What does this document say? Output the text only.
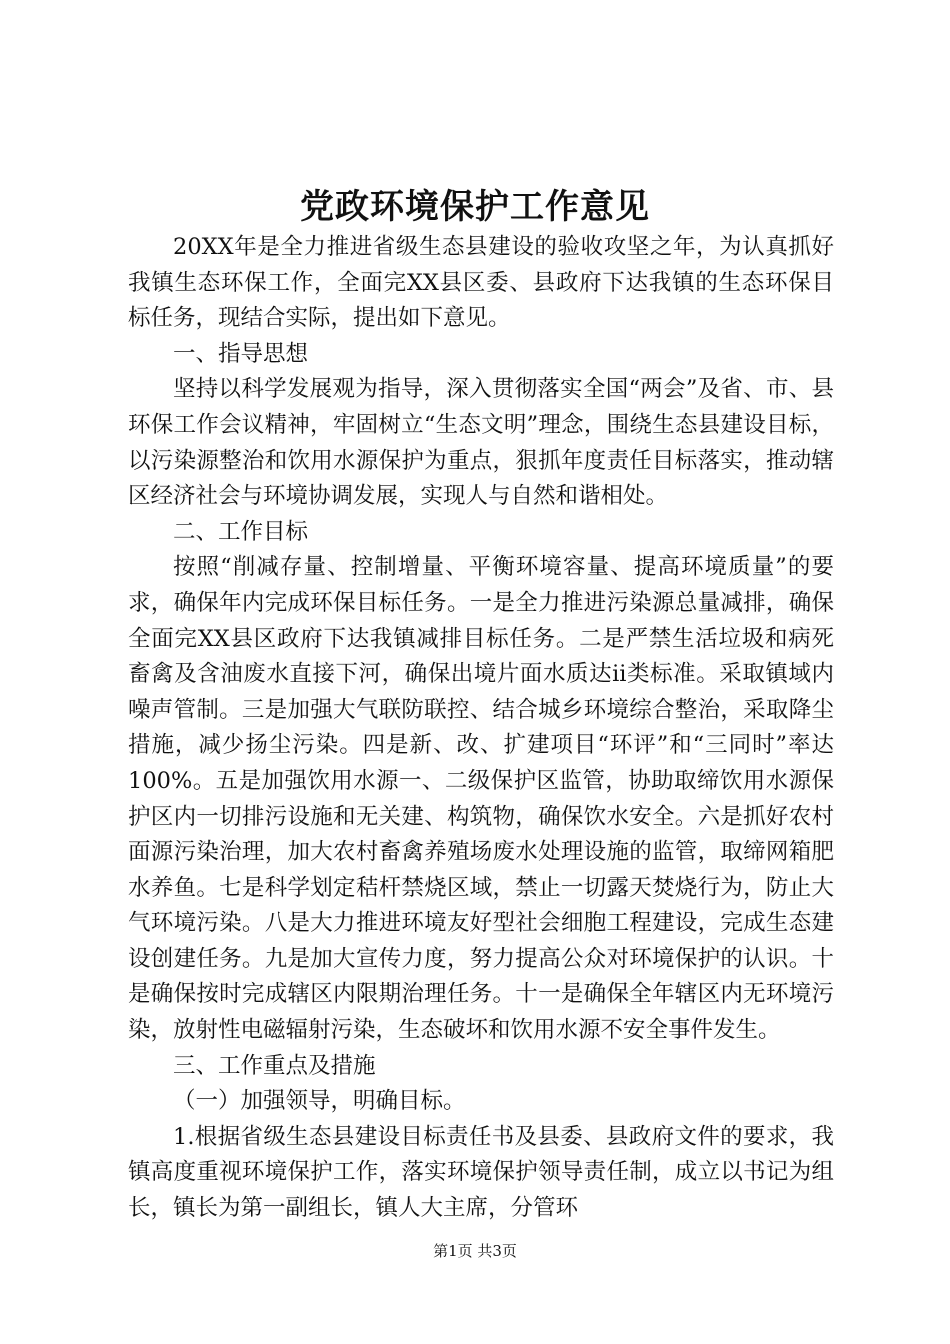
党政环境保护工作意见

20XX年是全力推进省级生态县建设的验收攻坚之年，为认真抓好我镇生态环保工作，全面完XX县区委、县政府下达我镇的生态环保目标任务，现结合实际，提出如下意见。

一、指导思想

坚持以科学发展观为指导，深入贯彻落实全国“两会”及省、市、县环保工作会议精神，牢固树立“生态文明”理念，围绕生态县建设目标，以污染源整治和饮用水源保护为重点，狠抓年度责任目标落实，推动辖区经济社会与环境协调发展，实现人与自然和谐相处。

二、工作目标

按照“削减存量、控制增量、平衡环境容量、提高环境质量”的要求，确保年内完成环保目标任务。一是全力推进污染源总量减排，确保全面完XX县区政府下达我镇减排目标任务。二是严禁生活垃圾和病死畜禽及含油废水直接下河，确保出境片面水质达ii类标准。采取镇域内噪声管制。三是加强大气联防联控、结合城乡环境综合整治，采取降尘措施，减少扬尘污染。四是新、改、扩建项目“环评”和“三同时”率达100%。五是加强饮用水源一、二级保护区监管，协助取缔饮用水源保护区内一切排污设施和无关建、构筑物，确保饮水安全。六是抓好农村面源污染治理，加大农村畜禽养殖场废水处理设施的监管，取缔网箱肥水养鱼。七是科学划定秸杆禁烧区域，禁止一切露天焚烧行为，防止大气环境污染。八是大力推进环境友好型社会细胞工程建设，完成生态建设创建任务。九是加大宣传力度，努力提高公众对环境保护的认识。十是确保按时完成辖区内限期治理任务。十一是确保全年辖区内无环境污染，放射性电磁辐射污染，生态破坏和饮用水源不安全事件发生。

三、工作重点及措施

（一）加强领导，明确目标。

1.根据省级生态县建设目标责任书及县委、县政府文件的要求，我镇高度重视环境保护工作，落实环境保护领导责任制，成立以书记为组长，镇长为第一副组长，镇人大主席，分管环

第1页 共3页
